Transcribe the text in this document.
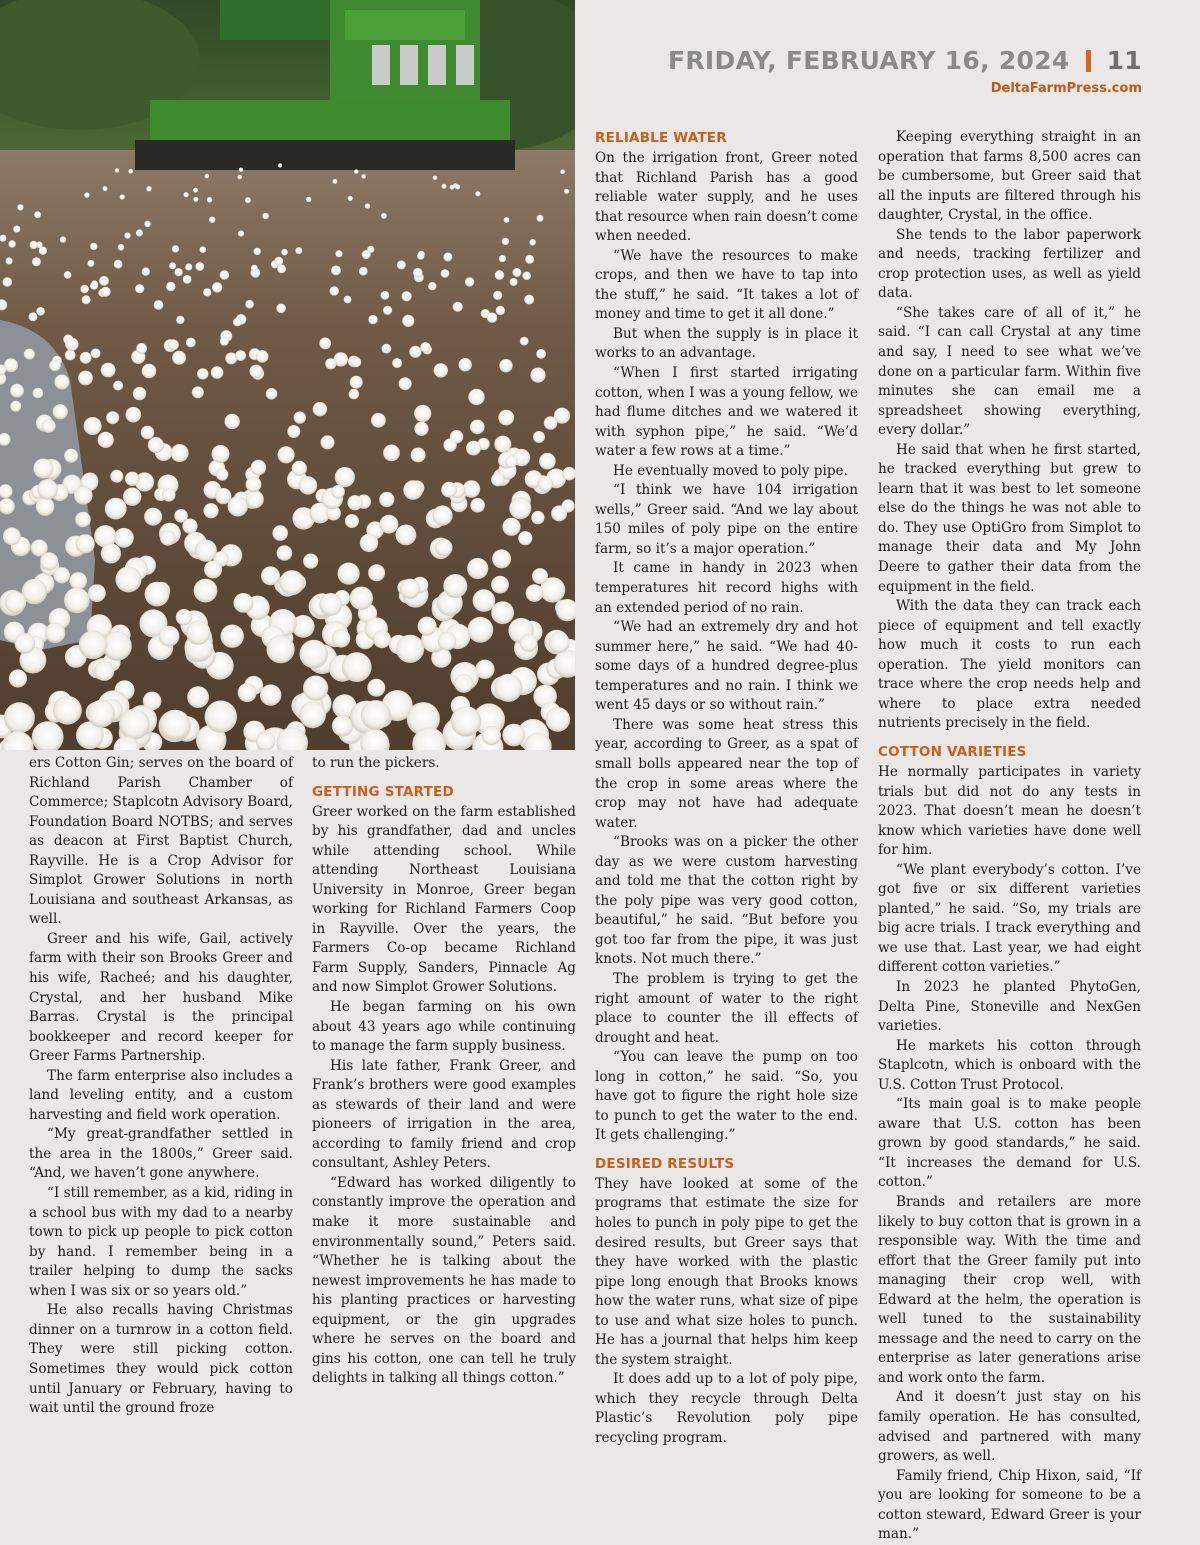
FRIDAY, FEBRUARY 16, 2024 11
DeltaFarmPress.com

ers Cotton Gin; serves on the board of Richland Parish Chamber of Commerce; Staplcotn Advisory Board, Foundation Board NOTBS; and serves as deacon at First Baptist Church, Rayville. He is a Crop Advisor for Simplot Grower Solutions in north Louisiana and southeast Arkansas, as well.

Greer and his wife, Gail, actively farm with their son Brooks Greer and his wife, Racheé; and his daughter, Crystal, and her husband Mike Barras. Crystal is the principal bookkeeper and record keeper for Greer Farms Partnership.

The farm enterprise also includes a land leveling entity, and a custom harvesting and field work operation.

“My great-grandfather settled in the area in the 1800s,” Greer said. “And, we haven’t gone anywhere.

“I still remember, as a kid, riding in a school bus with my dad to a nearby town to pick up people to pick cotton by hand. I remember being in a trailer helping to dump the sacks when I was six or so years old.”

He also recalls having Christmas dinner on a turnrow in a cotton field. They were still picking cotton. Sometimes they would pick cotton until January or February, having to wait until the ground froze

to run the pickers.

GETTING STARTED

Greer worked on the farm established by his grandfather, dad and uncles while attending school. While attending Northeast Louisiana University in Monroe, Greer began working for Richland Farmers Coop in Rayville. Over the years, the Farmers Co-op became Richland Farm Supply, Sanders, Pinnacle Ag and now Simplot Grower Solutions.

He began farming on his own about 43 years ago while continuing to manage the farm supply business.

His late father, Frank Greer, and Frank’s brothers were good examples as stewards of their land and were pioneers of irrigation in the area, according to family friend and crop consultant, Ashley Peters.

“Edward has worked diligently to constantly improve the operation and make it more sustainable and environmentally sound,” Peters said. “Whether he is talking about the newest improvements he has made to his planting practices or harvesting equipment, or the gin upgrades where he serves on the board and gins his cotton, one can tell he truly delights in talking all things cotton.”

RELIABLE WATER

On the irrigation front, Greer noted that Richland Parish has a good reliable water supply, and he uses that resource when rain doesn’t come when needed.

“We have the resources to make crops, and then we have to tap into the stuff,” he said. “It takes a lot of money and time to get it all done.”

But when the supply is in place it works to an advantage.

“When I first started irrigating cotton, when I was a young fellow, we had flume ditches and we watered it with syphon pipe,” he said. “We’d water a few rows at a time.”

He eventually moved to poly pipe.

“I think we have 104 irrigation wells,” Greer said. “And we lay about 150 miles of poly pipe on the entire farm, so it’s a major operation.”

It came in handy in 2023 when temperatures hit record highs with an extended period of no rain.

“We had an extremely dry and hot summer here,” he said. “We had 40-some days of a hundred degree-plus temperatures and no rain. I think we went 45 days or so without rain.”

There was some heat stress this year, according to Greer, as a spat of small bolls appeared near the top of the crop in some areas where the crop may not have had adequate water.

“Brooks was on a picker the other day as we were custom harvesting and told me that the cotton right by the poly pipe was very good cotton, beautiful,” he said. “But before you got too far from the pipe, it was just knots. Not much there.”

The problem is trying to get the right amount of water to the right place to counter the ill effects of drought and heat.

“You can leave the pump on too long in cotton,” he said. “So, you have got to figure the right hole size to punch to get the water to the end. It gets challenging.”

DESIRED RESULTS

They have looked at some of the programs that estimate the size for holes to punch in poly pipe to get the desired results, but Greer says that they have worked with the plastic pipe long enough that Brooks knows how the water runs, what size of pipe to use and what size holes to punch. He has a journal that helps him keep the system straight.

It does add up to a lot of poly pipe, which they recycle through Delta Plastic’s Revolution poly pipe recycling program.

Keeping everything straight in an operation that farms 8,500 acres can be cumbersome, but Greer said that all the inputs are filtered through his daughter, Crystal, in the office.

She tends to the labor paperwork and needs, tracking fertilizer and crop protection uses, as well as yield data.

“She takes care of all of it,” he said. “I can call Crystal at any time and say, I need to see what we’ve done on a particular farm. Within five minutes she can email me a spreadsheet showing everything, every dollar.”

He said that when he first started, he tracked everything but grew to learn that it was best to let someone else do the things he was not able to do. They use OptiGro from Simplot to manage their data and My John Deere to gather their data from the equipment in the field.

With the data they can track each piece of equipment and tell exactly how much it costs to run each operation. The yield monitors can trace where the crop needs help and where to place extra needed nutrients precisely in the field.

COTTON VARIETIES

He normally participates in variety trials but did not do any tests in 2023. That doesn’t mean he doesn’t know which varieties have done well for him.

“We plant everybody’s cotton. I’ve got five or six different varieties planted,” he said. “So, my trials are big acre trials. I track everything and we use that. Last year, we had eight different cotton varieties.”

In 2023 he planted PhytoGen, Delta Pine, Stoneville and NexGen varieties.

He markets his cotton through Staplcotn, which is onboard with the U.S. Cotton Trust Protocol.

“Its main goal is to make people aware that U.S. cotton has been grown by good standards,” he said. “It increases the demand for U.S. cotton.”

Brands and retailers are more likely to buy cotton that is grown in a responsible way. With the time and effort that the Greer family put into managing their crop well, with Edward at the helm, the operation is well tuned to the sustainability message and the need to carry on the enterprise as later generations arise and work onto the farm.

And it doesn’t just stay on his family operation. He has consulted, advised and partnered with many growers, as well.

Family friend, Chip Hixon, said, “If you are looking for someone to be a cotton steward, Edward Greer is your man.”
